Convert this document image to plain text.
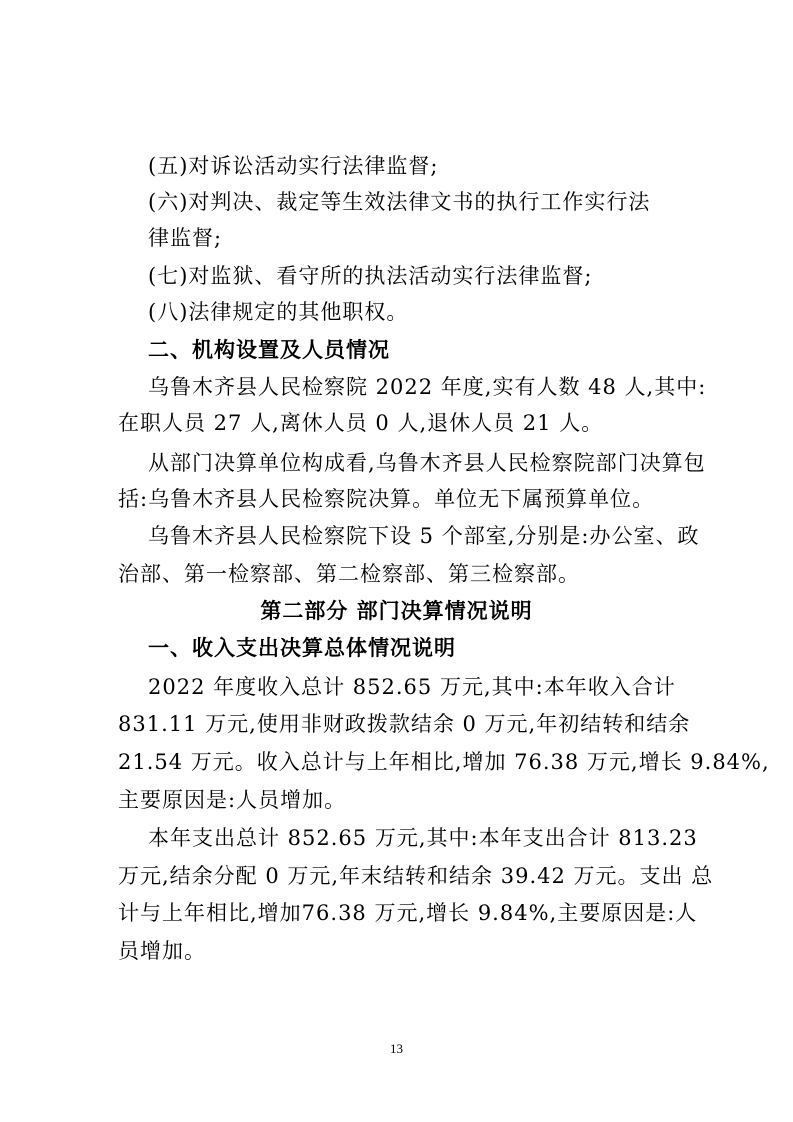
(五)对诉讼活动实行法律监督;
(六)对判决、裁定等生效法律文书的执行工作实行法
律监督;
(七)对监狱、看守所的执法活动实行法律监督;
(八)法律规定的其他职权。
二、机构设置及人员情况
乌鲁木齐县人民检察院 2022 年度,实有人数 48 人,其中:
在职人员 27 人,离休人员 0 人,退休人员 21 人。
从部门决算单位构成看,乌鲁木齐县人民检察院部门决算包
括:乌鲁木齐县人民检察院决算。单位无下属预算单位。
乌鲁木齐县人民检察院下设 5 个部室,分别是:办公室、政
治部、第一检察部、第二检察部、第三检察部。
第二部分 部门决算情况说明
一、收入支出决算总体情况说明
2022 年度收入总计 852.65 万元,其中:本年收入合计
831.11 万元,使用非财政拨款结余 0 万元,年初结转和结余
21.54 万元。收入总计与上年相比,增加 76.38 万元,增长 9.84%,
主要原因是:人员增加。
本年支出总计 852.65 万元,其中:本年支出合计 813.23
万元,结余分配 0 万元,年末结转和结余 39.42 万元。支出 总
计与上年相比,增加76.38 万元,增长 9.84%,主要原因是:人
员增加。
13
